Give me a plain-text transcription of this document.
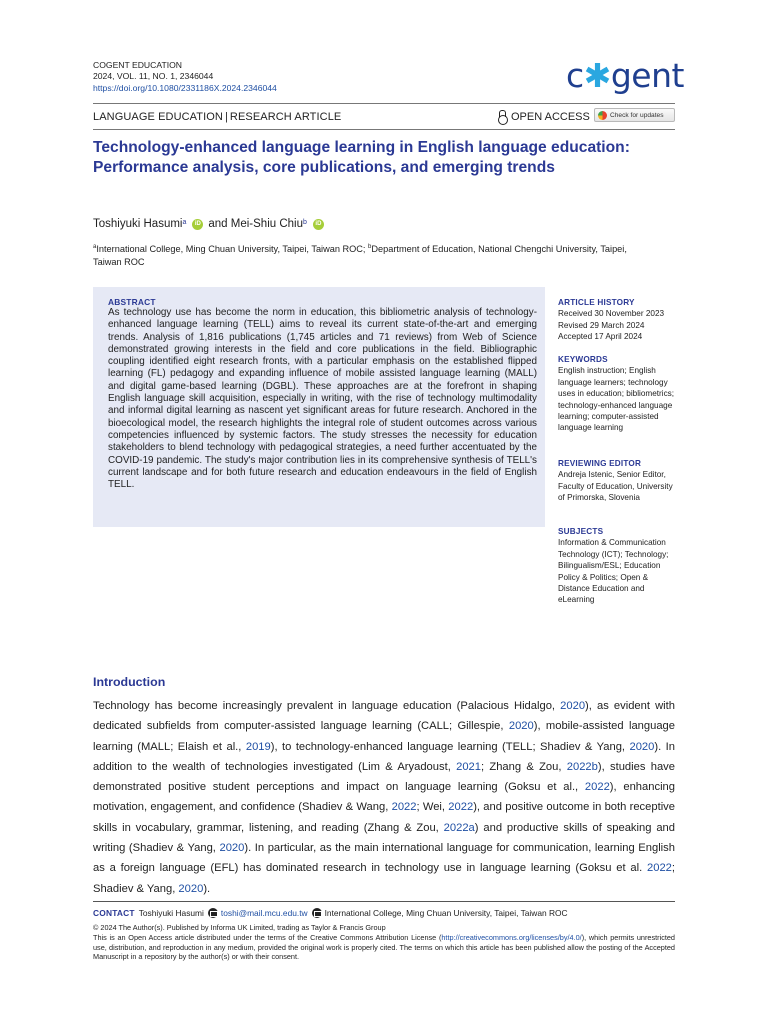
COGENT EDUCATION
2024, VOL. 11, NO. 1, 2346044
https://doi.org/10.1080/2331186X.2024.2346044	c✱gent
LANGUAGE EDUCATION | RESEARCH ARTICLE	OPEN ACCESS	Check for updates
Technology-enhanced language learning in English language education: Performance analysis, core publications, and emerging trends
Toshiyuki Hasumi$^a$	iD and Mei-Shiu Chiu$^b$	iD
$^a$International College, Ming Chuan University, Taipei, Taiwan ROC; $^b$Department of Education, National Chengchi University, Taipei, Taiwan ROC
ABSTRACT
As technology use has become the norm in education, this bibliometric analysis of technology-enhanced language learning (TELL) aims to reveal its current state-of-the-art and emerging trends. Analysis of 1,816 publications (1,745 articles and 71 reviews) from Web of Science demonstrated growing interests in the field and core publications in the field. Bibliographic coupling identified eight research fronts, with a particular emphasis on the established flipped learning (FL) pedagogy and expanding influence of mobile assisted language learning (MALL) and digital game-based learning (DGBL). These approaches are at the forefront in shaping English language skill acquisition, especially in writing, with the rise of technology multimodality and informal digital learning as nascent yet significant areas for future research. Anchored in the bioecological model, the research highlights the integral role of student outcomes across various competencies influenced by systemic factors. The study stresses the necessity for education stakeholders to blend technology with pedagogical strategies, a need further accentuated by the COVID-19 pandemic. The study's major contribution lies in its comprehensive synthesis of TELL's current landscape and for both future research and education endeavours in the field of English TELL.
ARTICLE HISTORY
Received 30 November 2023
Revised 29 March 2024
Accepted 17 April 2024
KEYWORDS
English instruction; English language learners; technology uses in education; bibliometrics; technology-enhanced language learning; computer-assisted language learning
REVIEWING EDITOR
Andreja Istenic, Senior Editor, Faculty of Education, University of Primorska, Slovenia
SUBJECTS
Information & Communication Technology (ICT); Technology; Bilingualism/ESL; Education Policy & Politics; Open & Distance Education and eLearning
Introduction
Technology has become increasingly prevalent in language education (Palacious Hidalgo, 2020), as evident with dedicated subfields from computer-assisted language learning (CALL; Gillespie, 2020), mobile-assisted language learning (MALL; Elaish et al., 2019), to technology-enhanced language learning (TELL; Shadiev & Yang, 2020). In addition to the wealth of technologies investigated (Lim & Aryadoust, 2021; Zhang & Zou, 2022b), studies have demonstrated positive student perceptions and impact on language learning (Goksu et al., 2022), enhancing motivation, engagement, and confidence (Shadiev & Wang, 2022; Wei, 2022), and positive outcome in both receptive skills in vocabulary, grammar, listening, and reading (Zhang & Zou, 2022a) and productive skills of speaking and writing (Shadiev & Yang, 2020). In particular, as the main international language for communication, learning English as a foreign language (EFL) has dominated research in technology use in language learning (Goksu et al. 2022; Shadiev & Yang, 2020).
CONTACT Toshiyuki Hasumi toshi@mail.mcu.edu.tw International College, Ming Chuan University, Taipei, Taiwan ROC
© 2024 The Author(s). Published by Informa UK Limited, trading as Taylor & Francis Group
This is an Open Access article distributed under the terms of the Creative Commons Attribution License (http://creativecommons.org/licenses/by/4.0/), which permits unrestricted use, distribution, and reproduction in any medium, provided the original work is properly cited. The terms on which this article has been published allow the posting of the Accepted Manuscript in a repository by the author(s) or with their consent.
